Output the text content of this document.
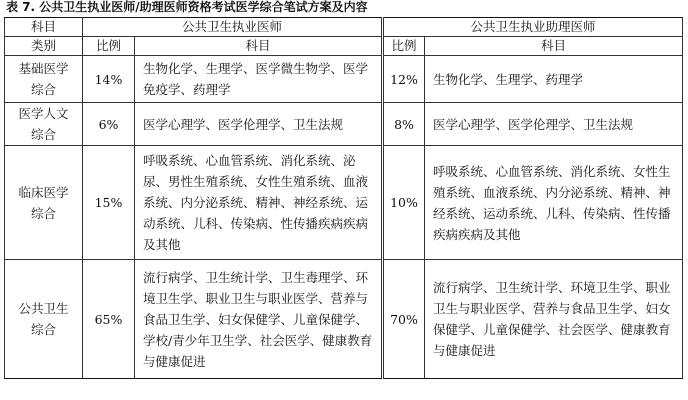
表 7. 公共卫生执业医师/助理医师资格考试医学综合笔试方案及内容
科目	公共卫生执业医师		公共卫生执业助理医师	
类别	比例	科目	比例	科目
基础医学
综合	14%	生物化学、生理学、医学微生物学、医学免疫学、药理学	12%	生物化学、生理学、药理学
医学人文
综合	6%	医学心理学、医学伦理学、卫生法规	8%	医学心理学、医学伦理学、卫生法规
临床医学
综合	15%	呼吸系统、心血管系统、消化系统、泌尿、男性生殖系统、女性生殖系统、血液系统、内分泌系统、精神、神经系统、运动系统、儿科、传染病、性传播疾病疾病及其他	10%	呼吸系统、心血管系统、消化系统、女性生殖系统、血液系统、内分泌系统、精神、神经系统、运动系统、儿科、传染病、性传播疾病疾病及其他
公共卫生
综合	65%	流行病学、卫生统计学、卫生毒理学、环境卫生学、职业卫生与职业医学、营养与食品卫生学、妇女保健学、儿童保健学、学校/青少年卫生学、社会医学、健康教育与健康促进	70%	流行病学、卫生统计学、环境卫生学、职业卫生与职业医学、营养与食品卫生学、妇女保健学、儿童保健学、社会医学、健康教育与健康促进
